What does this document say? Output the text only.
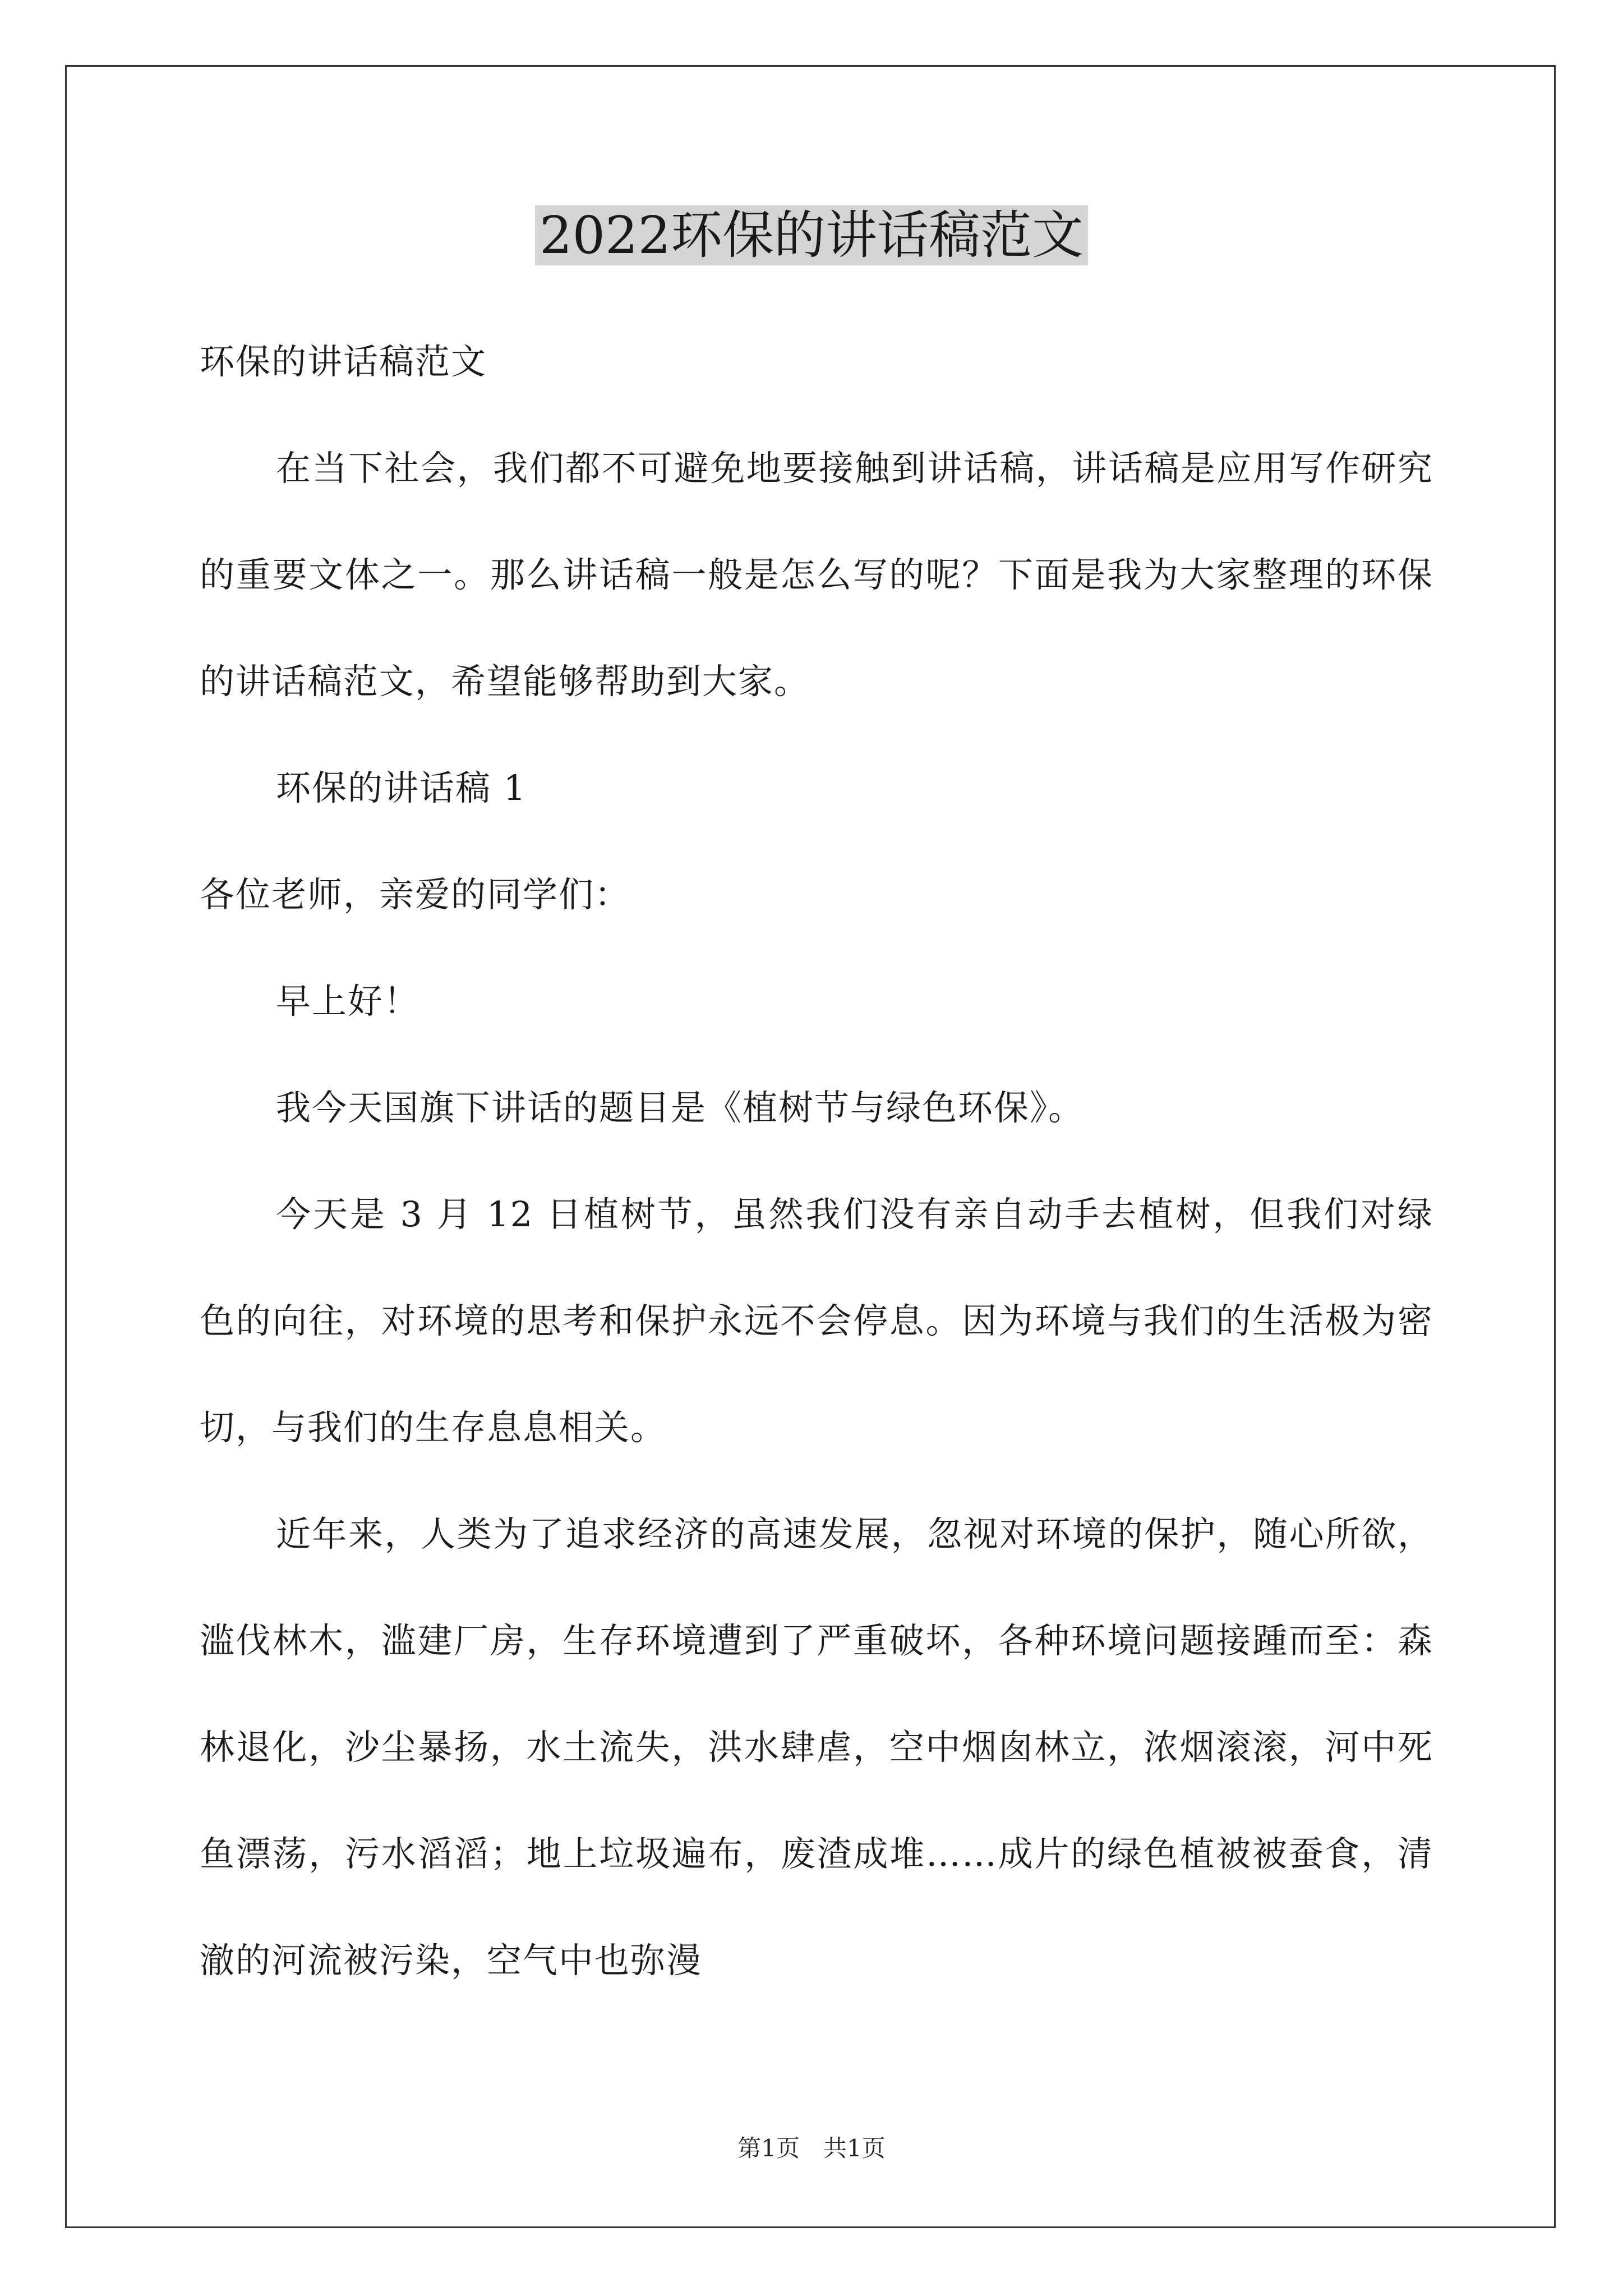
2022环保的讲话稿范文

环保的讲话稿范文

在当下社会，我们都不可避免地要接触到讲话稿，讲话稿是应用写作研究的重要文体之一。那么讲话稿一般是怎么写的呢？下面是我为大家整理的环保的讲话稿范文，希望能够帮助到大家。

环保的讲话稿 1

各位老师，亲爱的同学们：

早上好！

我今天国旗下讲话的题目是《植树节与绿色环保》。

今天是 3 月 12 日植树节，虽然我们没有亲自动手去植树，但我们对绿色的向往，对环境的思考和保护永远不会停息。因为环境与我们的生活极为密切，与我们的生存息息相关。

近年来，人类为了追求经济的高速发展，忽视对环境的保护，随心所欲，滥伐林木，滥建厂房，生存环境遭到了严重破坏，各种环境问题接踵而至：森林退化，沙尘暴扬，水土流失，洪水肆虐，空中烟囱林立，浓烟滚滚，河中死鱼漂荡，污水滔滔；地上垃圾遍布，废渣成堆……成片的绿色植被被蚕食，清澈的河流被污染，空气中也弥漫

第1页　共1页
